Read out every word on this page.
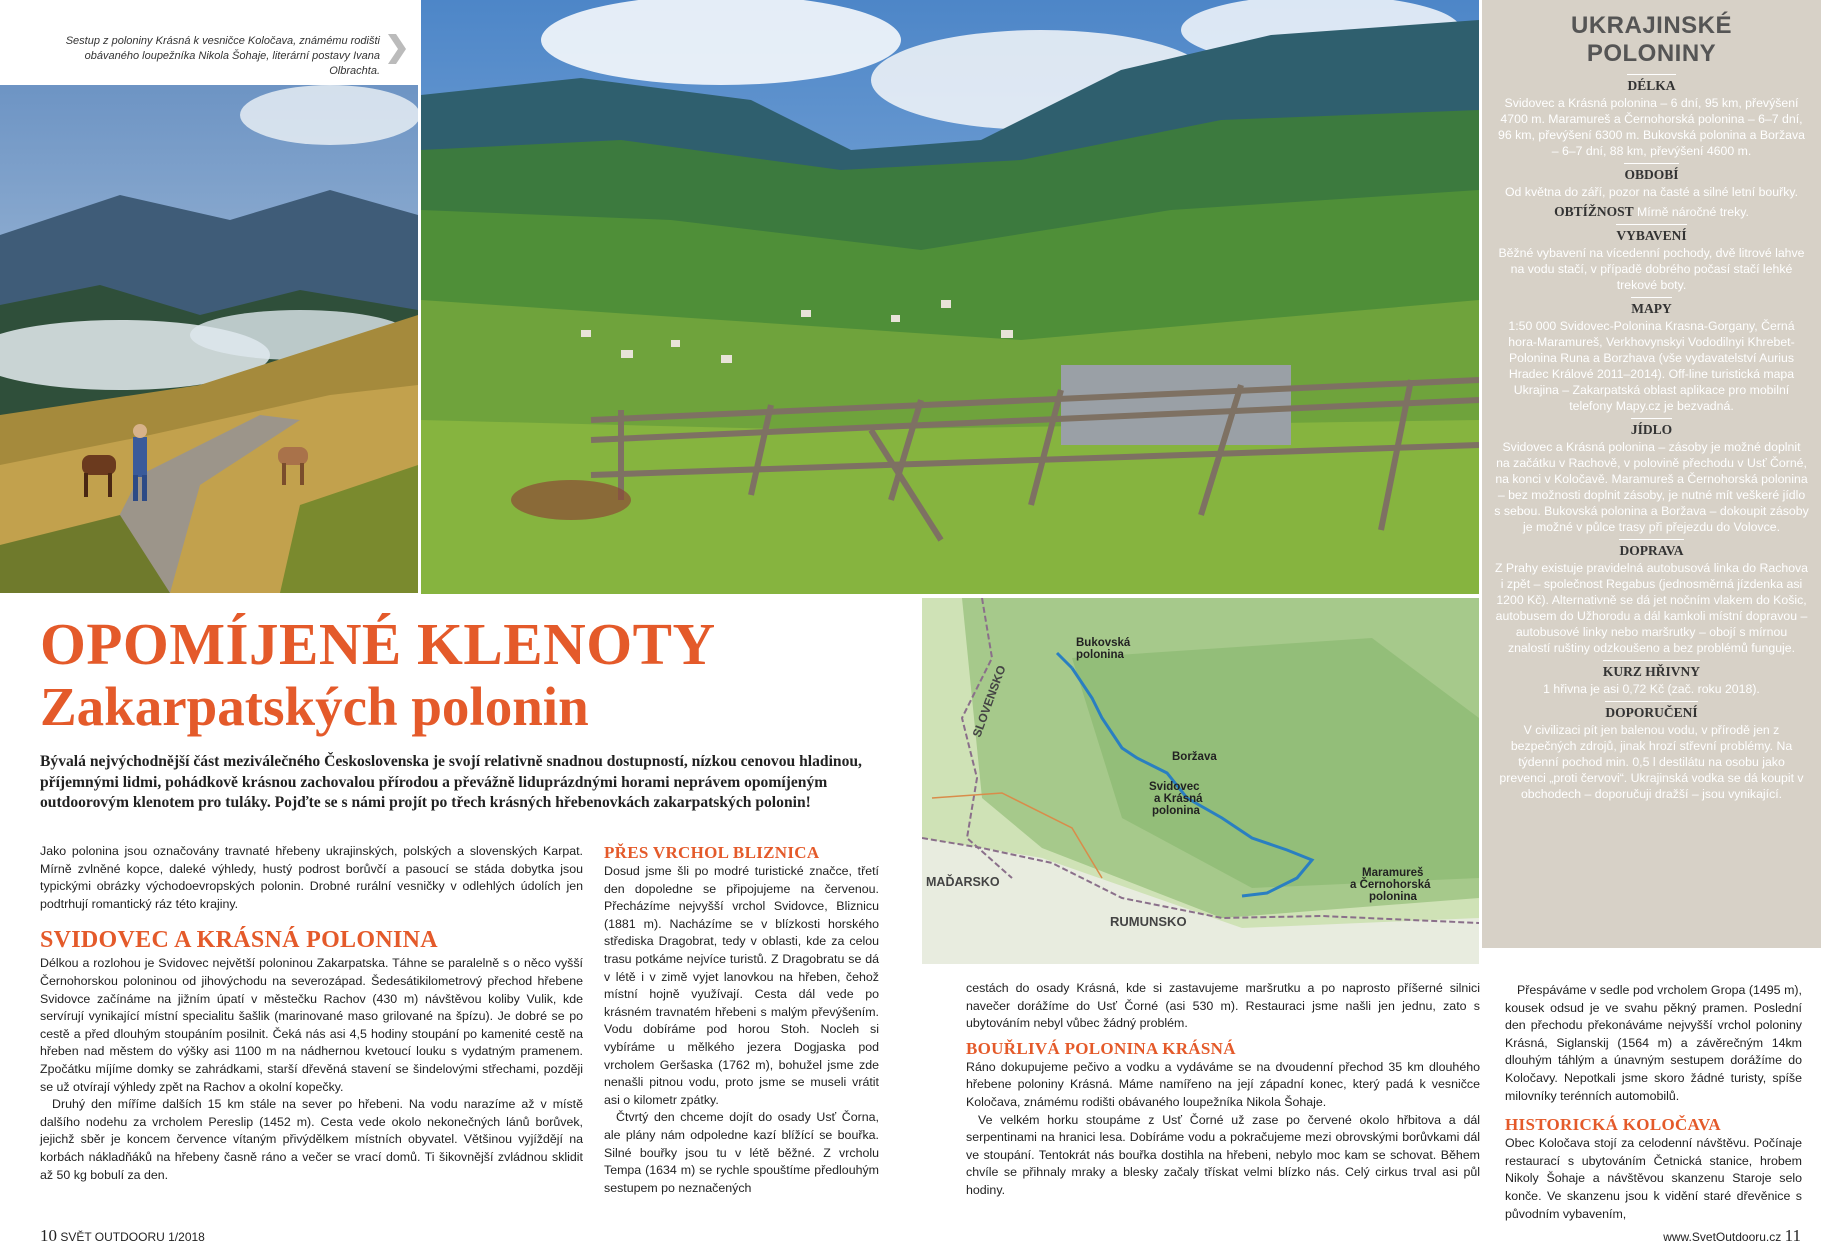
Sestup z poloniny Krásná k vesničce Koločava, známému rodišti obávaného loupežníka Nikola Šohaje, literární postavy Ivana Olbrachta.
Bukovská polonina
SLOVENSKO
Boržava
Svidovec a Krásná polonina
MAĎARSKO
RUMUNSKO
Maramureš a Černohorská polonina
UKRAJINSKÉ
POLONINY
DÉLKA
Svidovec a Krásná polonina – 6 dní, 95 km, převýšení 4700 m. Maramureš a Černohorská polonina – 6–7 dní, 96 km, převýšení 6300 m. Bukovská polonina a Boržava – 6–7 dní, 88 km, převýšení 4600 m.
OBDOBÍ
Od května do září, pozor na časté a silné letní bouřky.
OBTÍŽNOST Mírně náročné treky.
VYBAVENÍ
Běžné vybavení na vícedenní pochody, dvě litrové lahve na vodu stačí, v případě dobrého počasí stačí lehké trekové boty.
MAPY
1:50 000 Svidovec-Polonina Krasna-Gorgany, Černá hora-Maramureš, Verkhovynskyi Vododilnyi Khrebet-Polonina Runa a Borzhava (vše vydavatelství Aurius Hradec Králové 2011–2014). Off-line turistická mapa Ukrajina – Zakarpatská oblast aplikace pro mobilní telefony Mapy.cz je bezvadná.
JÍDLO
Svidovec a Krásná polonina – zásoby je možné doplnit na začátku v Rachově, v polovině přechodu v Usť Čorné, na konci v Koločavě. Maramureš a Černohorská polonina – bez možnosti doplnit zásoby, je nutné mít veškeré jídlo s sebou. Bukovská polonina a Boržava – dokoupit zásoby je možné v půlce trasy při přejezdu do Volovce.
DOPRAVA
Z Prahy existuje pravidelná autobusová linka do Rachova i zpět – společnost Regabus (jednosměrná jízdenka asi 1200 Kč). Alternativně se dá jet nočním vlakem do Košic, autobusem do Užhorodu a dál kamkoli místní dopravou – autobusové linky nebo maršrutky – obojí s mírnou znalostí ruštiny odzkoušeno a bez problémů funguje.
KURZ HŘIVNY
1 hřivna je asi 0,72 Kč (zač. roku 2018).
DOPORUČENÍ
V civilizaci pít jen balenou vodu, v přírodě jen z bezpečných zdrojů, jinak hrozí střevní problémy. Na týdenní pochod min. 0,5 l destilátu na osobu jako prevenci „proti červovi“. Ukrajinská vodka se dá koupit v obchodech – doporučuji dražší – jsou vynikající.
OPOMÍJENÉ KLENOTY
Zakarpatských polonin
Bývalá nejvýchodnější část meziválečného Československa je svojí relativně snadnou dostupností, nízkou cenovou hladinou, příjemnými lidmi, pohádkově krásnou zachovalou přírodou a převážně liduprázdnými horami neprávem opomíjeným outdoorovým klenotem pro tuláky. Pojďte se s námi projít po třech krásných hřebenovkách zakarpatských polonin!

Jako polonina jsou označovány travnaté hřebeny ukrajinských, polských a slovenských Karpat. Mírně zvlněné kopce, daleké výhledy, hustý podrost borůvčí a pasoucí se stáda dobytka jsou typickými obrázky východoevropských polonin. Drobné rurální vesničky v odlehlých údolích jen podtrhují romantický ráz této krajiny.

SVIDOVEC A KRÁSNÁ POLONINA

Délkou a rozlohou je Svidovec největší poloninou Zakarpatska. Táhne se paralelně s o něco vyšší Černohorskou poloninou od jihovýchodu na severozápad. Šedesátikilometrový přechod hřebene Svidovce začínáme na jižním úpatí v městečku Rachov (430 m) návštěvou koliby Vulik, kde servírují vynikající místní specialitu šašlik (marinované maso grilované na špízu). Je dobré se po cestě a před dlouhým stoupáním posilnit. Čeká nás asi 4,5 hodiny stoupání po kamenité cestě na hřeben nad městem do výšky asi 1100 m na nádhernou kvetoucí louku s vydatným pramenem. Zpočátku míjíme domky se zahrádkami, starší dřevěná stavení se šindelovými střechami, později se už otvírají výhledy zpět na Rachov a okolní kopečky.

Druhý den míříme dalších 15 km stále na sever po hřebeni. Na vodu narazíme až v místě dalšího nodehu za vrcholem Pereslip (1452 m). Cesta vede okolo nekonečných lánů borůvek, jejichž sběr je koncem července vítaným přivýdělkem místních obyvatel. Většinou vyjíždějí na korbách nákladňáků na hřebeny časně ráno a večer se vrací domů. Ti šikovnější zvládnou sklidit až 50 kg bobulí za den.

PŘES VRCHOL BLIZNICA

Dosud jsme šli po modré turistické značce, třetí den dopoledne se připojujeme na červenou. Přecházíme nejvyšší vrchol Svidovce, Bliznicu (1881 m). Nacházíme se v blízkosti horského střediska Dragobrat, tedy v oblasti, kde za celou trasu potkáme nejvíce turistů. Z Dragobratu se dá v létě i v zimě vyjet lanovkou na hřeben, čehož místní hojně využívají. Cesta dál vede po krásném travnatém hřebeni s malým převýšením. Vodu dobíráme pod horou Stoh. Nocleh si vybíráme u mělkého jezera Dogjaska pod vrcholem Geršaska (1762 m), bohužel jsme zde nenašli pitnou vodu, proto jsme se museli vrátit asi o kilometr zpátky.

Čtvrtý den chceme dojít do osady Usť Čorna, ale plány nám odpoledne kazí blížící se bouřka. Silné bouřky jsou tu v létě běžné. Z vrcholu Tempa (1634 m) se rychle spouštíme předlouhým sestupem po neznačených

cestách do osady Krásná, kde si zastavujeme maršrutku a po naprosto příšerné silnici navečer dorážíme do Usť Čorné (asi 530 m). Restauraci jsme našli jen jednu, zato s ubytováním nebyl vůbec žádný problém.

BOUŘLIVÁ POLONINA KRÁSNÁ

Ráno dokupujeme pečivo a vodku a vydáváme se na dvoudenní přechod 35 km dlouhého hřebene poloniny Krásná. Máme namířeno na její západní konec, který padá k vesničce Koločava, známému rodišti obávaného loupežníka Nikola Šohaje.

Ve velkém horku stoupáme z Usť Čorné už zase po červené okolo hřbitova a dál serpentinami na hranici lesa. Dobíráme vodu a pokračujeme mezi obrovskými borůvkami dál ve stoupání. Tentokrát nás bouřka dostihla na hřebeni, nebylo moc kam se schovat. Během chvíle se přihnaly mraky a blesky začaly třískat velmi blízko nás. Celý cirkus trval asi půl hodiny.

Přespáváme v sedle pod vrcholem Gropa (1495 m), kousek odsud je ve svahu pěkný pramen. Poslední den přechodu překonáváme nejvyšší vrchol poloniny Krásná, Siglanskij (1564 m) a závěrečným 14km dlouhým táhlým a únavným sestupem dorážíme do Koločavy. Nepotkali jsme skoro žádné turisty, spíše milovníky terénních automobilů.

HISTORICKÁ KOLOČAVA

Obec Koločava stojí za celodenní návštěvu. Počínaje restaurací s ubytováním Četnická stanice, hrobem Nikoly Šohaje a návštěvou skanzenu Staroje selo konče. Ve skanzenu jsou k vidění staré dřevěnice s původním vybavením,

10 SVĚT OUTDOORU 1/2018	www.SvetOutdooru.cz 11
